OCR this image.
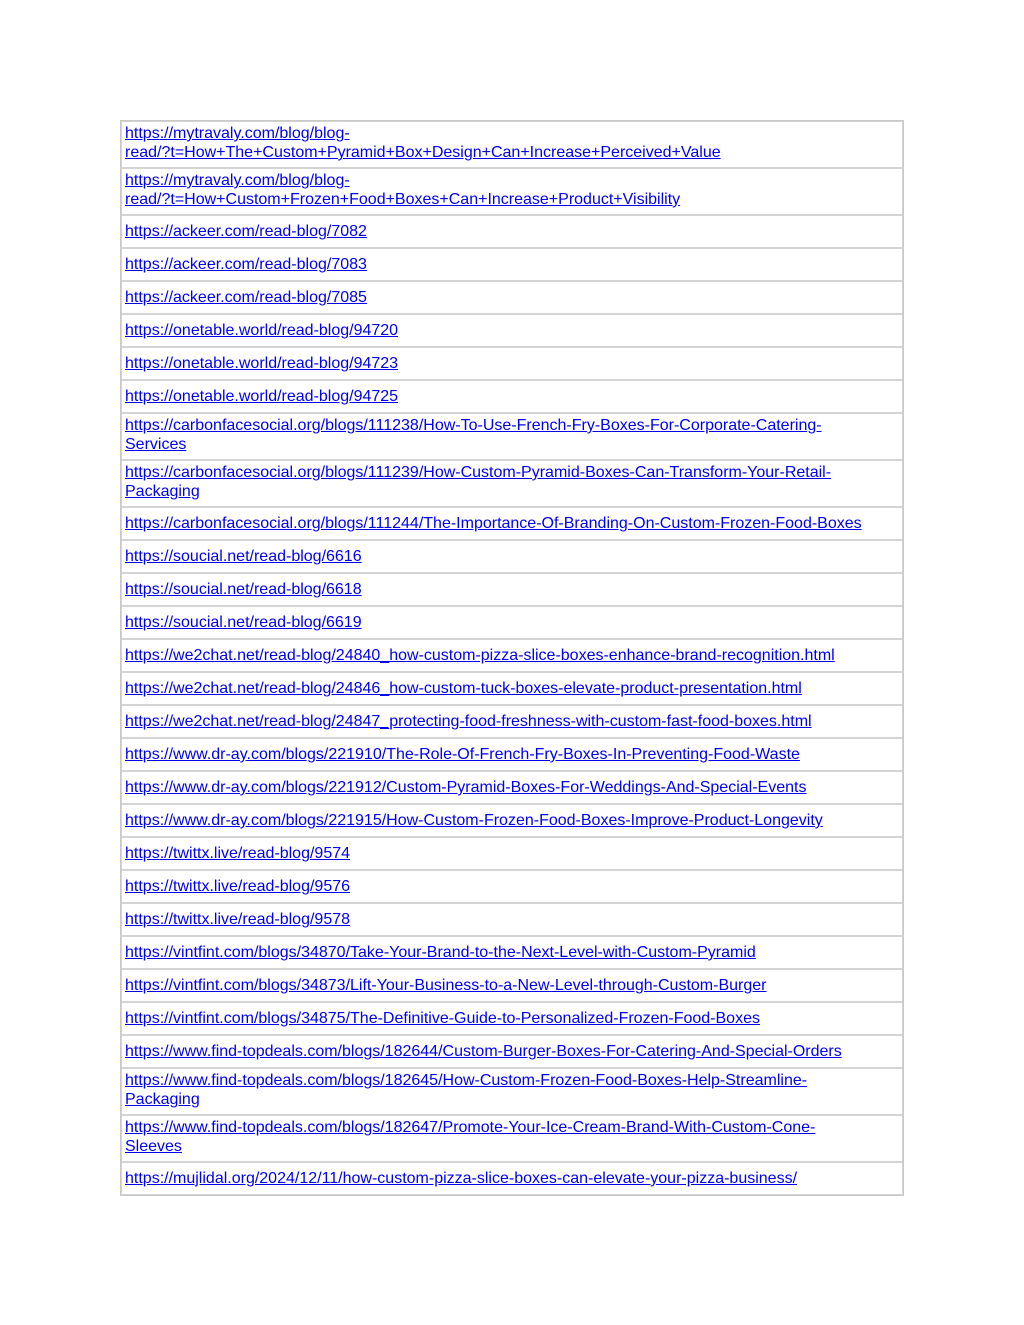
https://mytravaly.com/blog/blog-
read/?t=How+The+Custom+Pyramid+Box+Design+Can+Increase+Perceived+Value
https://mytravaly.com/blog/blog-
read/?t=How+Custom+Frozen+Food+Boxes+Can+Increase+Product+Visibility
https://ackeer.com/read-blog/7082
https://ackeer.com/read-blog/7083
https://ackeer.com/read-blog/7085
https://onetable.world/read-blog/94720
https://onetable.world/read-blog/94723
https://onetable.world/read-blog/94725
https://carbonfacesocial.org/blogs/111238/How-To-Use-French-Fry-Boxes-For-Corporate-Catering-
Services
https://carbonfacesocial.org/blogs/111239/How-Custom-Pyramid-Boxes-Can-Transform-Your-Retail-
Packaging
https://carbonfacesocial.org/blogs/111244/The-Importance-Of-Branding-On-Custom-Frozen-Food-Boxes
https://soucial.net/read-blog/6616
https://soucial.net/read-blog/6618
https://soucial.net/read-blog/6619
https://we2chat.net/read-blog/24840_how-custom-pizza-slice-boxes-enhance-brand-recognition.html
https://we2chat.net/read-blog/24846_how-custom-tuck-boxes-elevate-product-presentation.html
https://we2chat.net/read-blog/24847_protecting-food-freshness-with-custom-fast-food-boxes.html
https://www.dr-ay.com/blogs/221910/The-Role-Of-French-Fry-Boxes-In-Preventing-Food-Waste
https://www.dr-ay.com/blogs/221912/Custom-Pyramid-Boxes-For-Weddings-And-Special-Events
https://www.dr-ay.com/blogs/221915/How-Custom-Frozen-Food-Boxes-Improve-Product-Longevity
https://twittx.live/read-blog/9574
https://twittx.live/read-blog/9576
https://twittx.live/read-blog/9578
https://vintfint.com/blogs/34870/Take-Your-Brand-to-the-Next-Level-with-Custom-Pyramid
https://vintfint.com/blogs/34873/Lift-Your-Business-to-a-New-Level-through-Custom-Burger
https://vintfint.com/blogs/34875/The-Definitive-Guide-to-Personalized-Frozen-Food-Boxes
https://www.find-topdeals.com/blogs/182644/Custom-Burger-Boxes-For-Catering-And-Special-Orders
https://www.find-topdeals.com/blogs/182645/How-Custom-Frozen-Food-Boxes-Help-Streamline-
Packaging
https://www.find-topdeals.com/blogs/182647/Promote-Your-Ice-Cream-Brand-With-Custom-Cone-
Sleeves
https://mujlidal.org/2024/12/11/how-custom-pizza-slice-boxes-can-elevate-your-pizza-business/
